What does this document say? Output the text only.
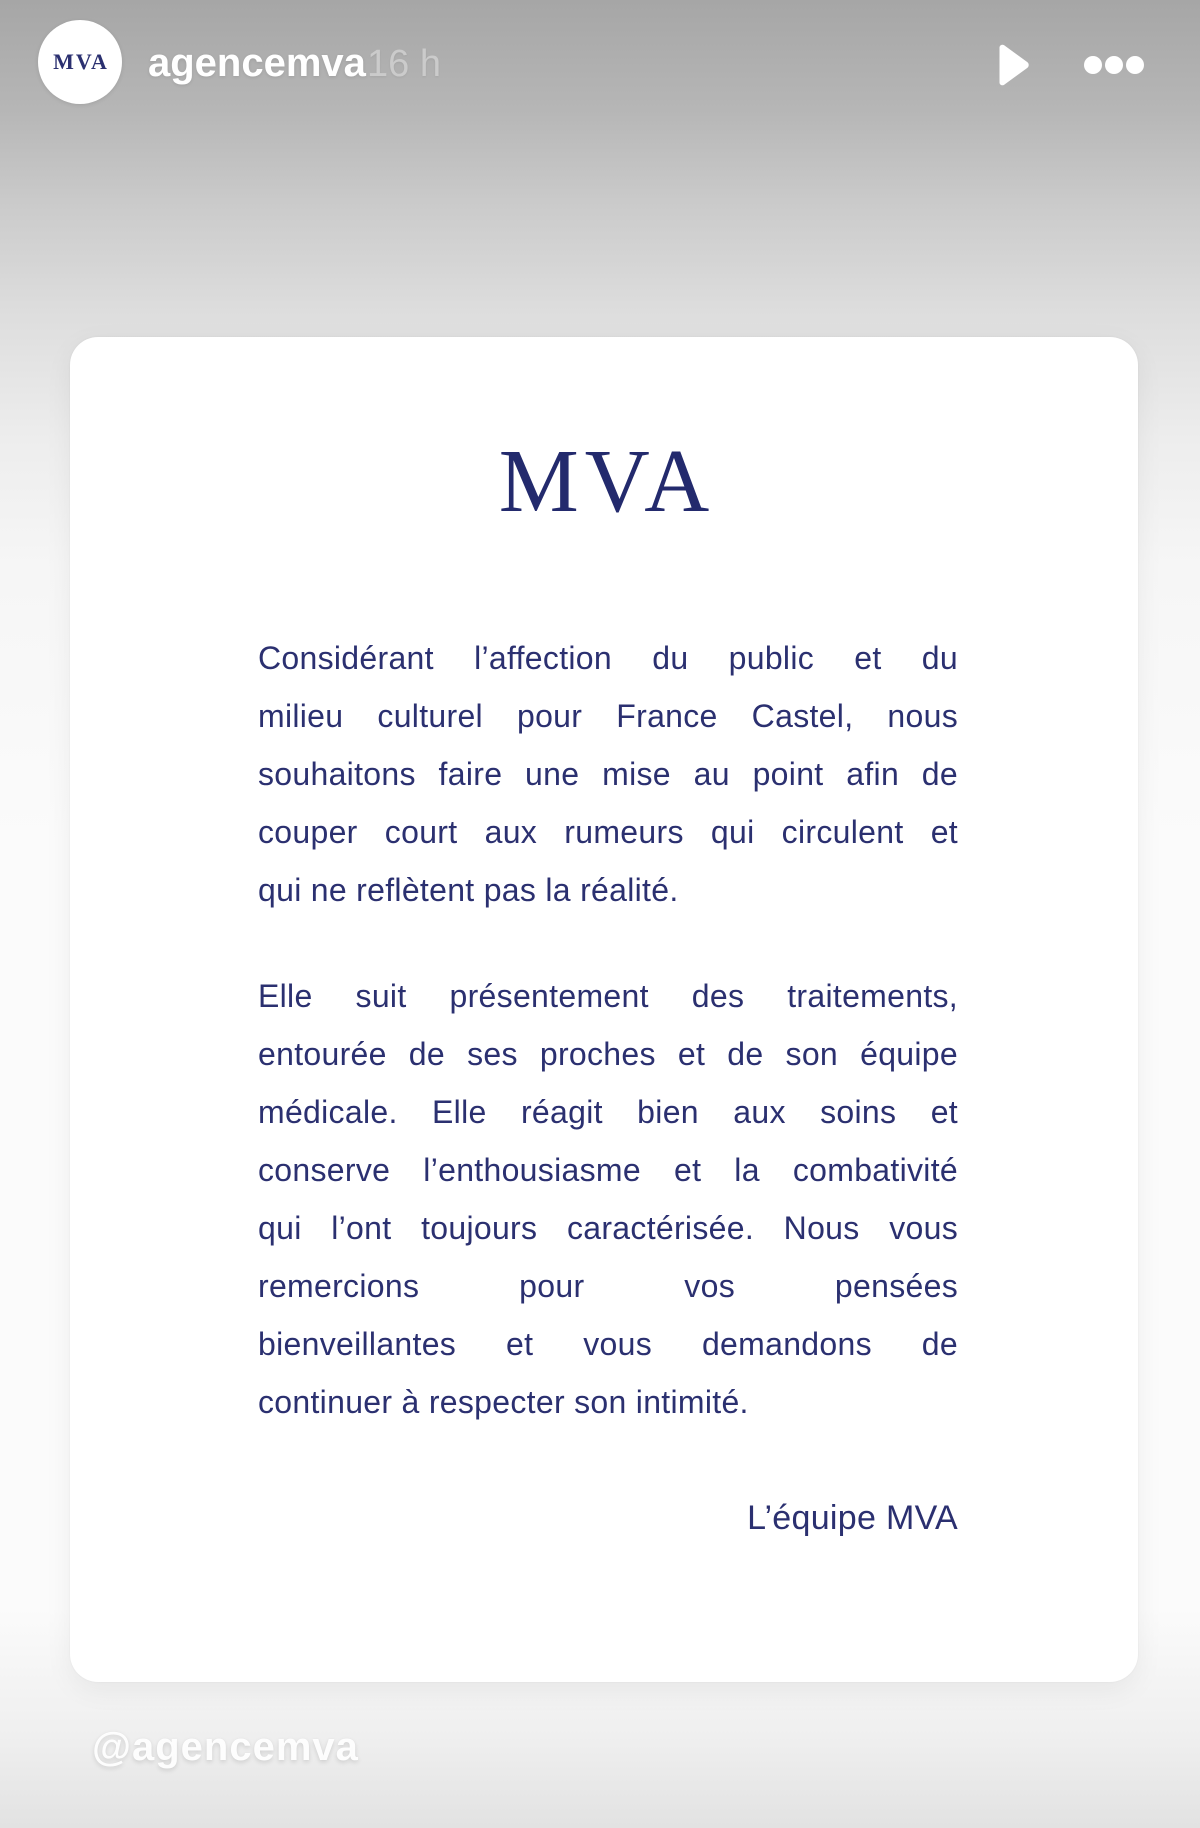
MVA agencemva 16 h
MVA

Considérant l’affection du public et du
milieu culturel pour France Castel, nous
souhaitons faire une mise au point afin de
couper court aux rumeurs qui circulent et
qui ne reflètent pas la réalité.

Elle suit présentement des traitements,
entourée de ses proches et de son équipe
médicale. Elle réagit bien aux soins et
conserve l’enthousiasme et la combativité
qui l’ont toujours caractérisée. Nous vous
remercions pour vos pensées
bienveillantes et vous demandons de
continuer à respecter son intimité.

L’équipe MVA
@agencemva
